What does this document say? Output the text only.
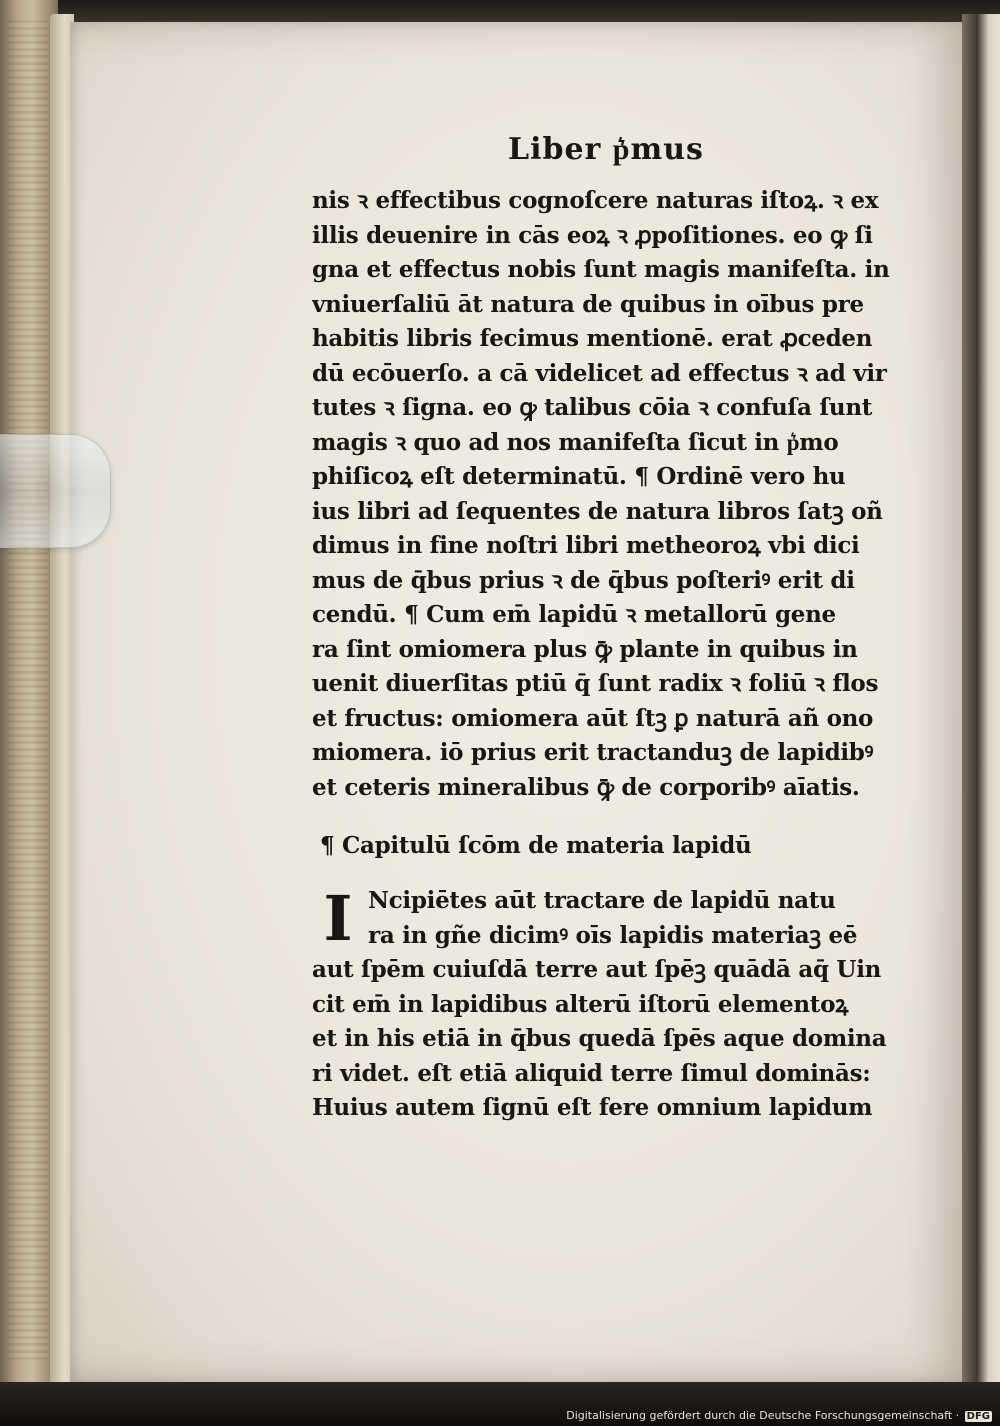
Liber p͛mus
nis ꝛ effectibus cognoſcere naturas iſtoꝝ. ꝛ ex
illis deuenire in cās eoꝝ ꝛ ꝓpoſitiones. eo ꝙ ſi
gna et effectus nobis ſunt magis manifeſta. in
vniuerſaliū āt natura de quibus in oībus pre
habitis libris fecimus mentionē. erat ꝓceden
dū ecōuerſo. a cā videlicet ad effectus ꝛ ad vir
tutes ꝛ ſigna. eo ꝙ talibus cōia ꝛ confuſa ſunt
magis ꝛ quo ad nos manifeſta ſicut in p͛mo
phiſicoꝝ eſt determinatū. ¶ Ordinē vero hu
ius libri ad ſequentes de natura libros ſatꝫ oñ
dimus in fine noſtri libri metheoroꝝ vbi dici
mus de q̄bus prius ꝛ de q̄bus poſteriꝰ erit di
cendū. ¶ Cum em̄ lapidū ꝛ metallorū gene
ra ſint omiomera plus ꝙ̄ plante in quibus in
uenit diuerſitas ptiū q̄ ſunt radix ꝛ foliū ꝛ flos
et fructus: omiomera aūt ſtꝫ ꝑ naturā añ ono
miomera. iō prius erit tractanduꝫ de lapidibꝰ
et ceteris mineralibus ꝙ̄ de corporibꝰ aīatis.
¶ Capitulū ſcōm de materia lapidū
I Ncipiētes aūt tractare de lapidū natu
ra in gñe dicimꝰ oīs lapidis materiaꝫ eē
aut ſpēm cuiuſdā terre aut ſpēꝫ quādā aq̄ Uin
cit em̄ in lapidibus alterū iſtorū elementoꝝ
et in his etiā in q̄bus quedā ſpēs aque domina
ri videt. eſt etiā aliquid terre ſimul dominās:
Huius autem ſignū eſt fere omnium lapidum
Digitalisierung gefördert durch die Deutsche Forschungsgemeinschaft · DFG
